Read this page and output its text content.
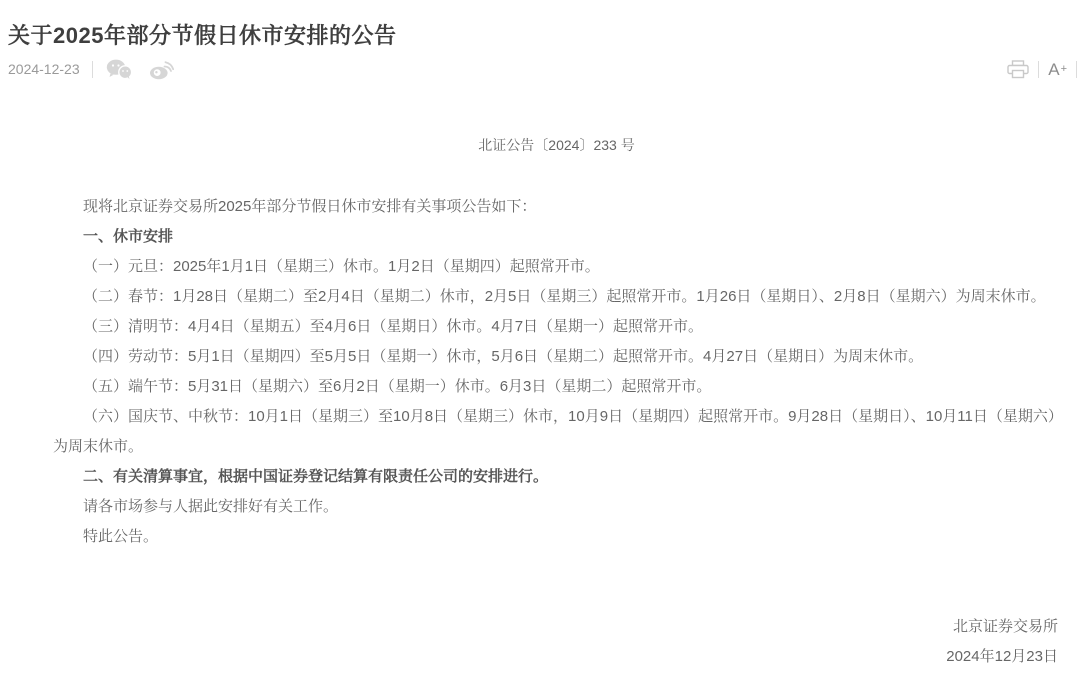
关于2025年部分节假日休市安排的公告
2024-12-23	A +
北证公告〔2024〕233 号

现将北京证券交易所2025年部分节假日休市安排有关事项公告如下：

一、休市安排

（一）元旦：2025年1月1日（星期三）休市。1月2日（星期四）起照常开市。

（二）春节：1月28日（星期二）至2月4日（星期二）休市，2月5日（星期三）起照常开市。1月26日（星期日）、2月8日（星期六）为周末休市。

（三）清明节：4月4日（星期五）至4月6日（星期日）休市。4月7日（星期一）起照常开市。

（四）劳动节：5月1日（星期四）至5月5日（星期一）休市，5月6日（星期二）起照常开市。4月27日（星期日）为周末休市。

（五）端午节：5月31日（星期六）至6月2日（星期一）休市。6月3日（星期二）起照常开市。

（六）国庆节、中秋节：10月1日（星期三）至10月8日（星期三）休市，10月9日（星期四）起照常开市。9月28日（星期日）、10月11日（星期六）为周末休市。

二、有关清算事宜，根据中国证券登记结算有限责任公司的安排进行。

请各市场参与人据此安排好有关工作。

特此公告。

北京证券交易所
2024年12月23日
